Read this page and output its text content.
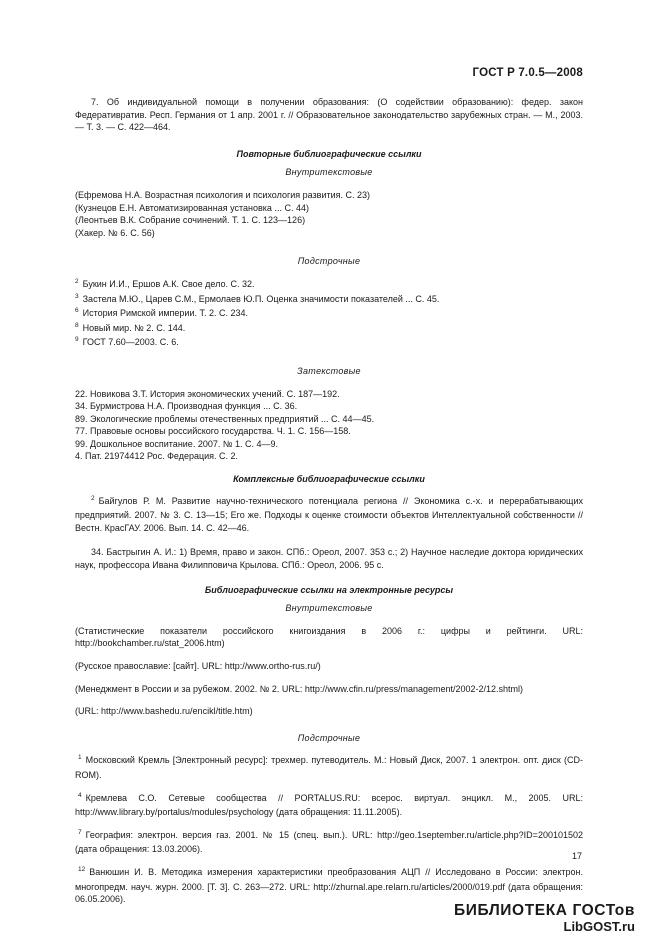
ГОСТ Р 7.0.5—2008

7. Об индивидуальной помощи в получении образования: (О содействии образованию): федер. закон Федеративратив. Респ. Германия от 1 апр. 2001 г. // Образовательное законодательство зарубежных стран. — М., 2003. — Т. 3. — С. 422—464.

Повторные библиографические ссылки
Внутритекстовые
(Ефремова Н.А. Возрастная психология и психология развития. С. 23)
(Кузнецов Е.Н. Автоматизированная установка ... С. 44)
(Леонтьев В.К. Собрание сочинений. Т. 1. С. 123—126)
(Хакер. № 6. С. 56)
Подстрочные
$^2$ Букин И.И., Ершов А.К. Свое дело. С. 32.
$^3$ Застела М.Ю., Царев С.М., Ермолаев Ю.П. Оценка значимости показателей ... С. 45.
$^6$ История Римской империи. Т. 2. С. 234.
$^8$ Новый мир. № 2. С. 144.
$^9$ ГОСТ 7.60—2003. С. 6.
Затекстовые
22. Новикова З.Т. История экономических учений. С. 187—192.
34. Бурмистрова Н.А. Производная функция ... С. 36.
89. Экологические проблемы отечественных предприятий ... С. 44—45.
77. Правовые основы российского государства. Ч. 1. С. 156—158.
99. Дошкольное воспитание. 2007. № 1. С. 4—9.
4. Пат. 21974412 Рос. Федерация. С. 2.
Комплексные библиографические ссылки

$^2$ Байгулов Р. М. Развитие научно-технического потенциала региона // Экономика с.-х. и перерабатывающих предприятий. 2007. № 3. С. 13—15; Его же. Подходы к оценке стоимости объектов Интеллектуальной собственности // Вестн. КрасГАУ. 2006. Вып. 14. С. 42—46.

34. Бастрыгин А. И.: 1) Время, право и закон. СПб.: Ореол, 2007. 353 с.; 2) Научное наследие доктора юридических наук, профессора Ивана Филипповича Крылова. СПб.: Ореол, 2006. 95 с.

Библиографические ссылки на электронные ресурсы
Внутритекстовые

(Статистические показатели российского книгоиздания в 2006 г.: цифры и рейтинги. URL: http://bookchamber.ru/stat_2006.htm)

(Русское православие: [сайт]. URL: http://www.ortho-rus.ru/)

(Менеджмент в России и за рубежом. 2002. № 2. URL: http://www.cfin.ru/press/management/2002-2/12.shtml)

(URL: http://www.bashedu.ru/encikl/title.htm)

Подстрочные

$^1$ Московский Кремль [Электронный ресурс]: трехмер. путеводитель. М.: Новый Диск, 2007. 1 электрон. опт. диск (CD-ROM).

$^4$ Кремлева С.О. Сетевые сообщества // PORTALUS.RU: всерос. виртуал. энцикл. М., 2005. URL: http://www.library.by/portalus/modules/psychology (дата обращения: 11.11.2005).

$^7$ География: электрон. версия газ. 2001. № 15 (спец. вып.). URL: http://geo.1september.ru/article.php?ID=200101502 (дата обращения: 13.03.2006).

$^{12}$ Ванюшин И. В. Методика измерения характеристики преобразования АЦП // Исследовано в России: электрон. многопредм. науч. журн. 2000. [Т. 3]. С. 263—272. URL: http://zhurnal.ape.relarn.ru/articles/2000/019.pdf (дата обращения: 06.05.2006).

17
БИБЛИОТЕКА ГОСТов
LibGOST.ru
